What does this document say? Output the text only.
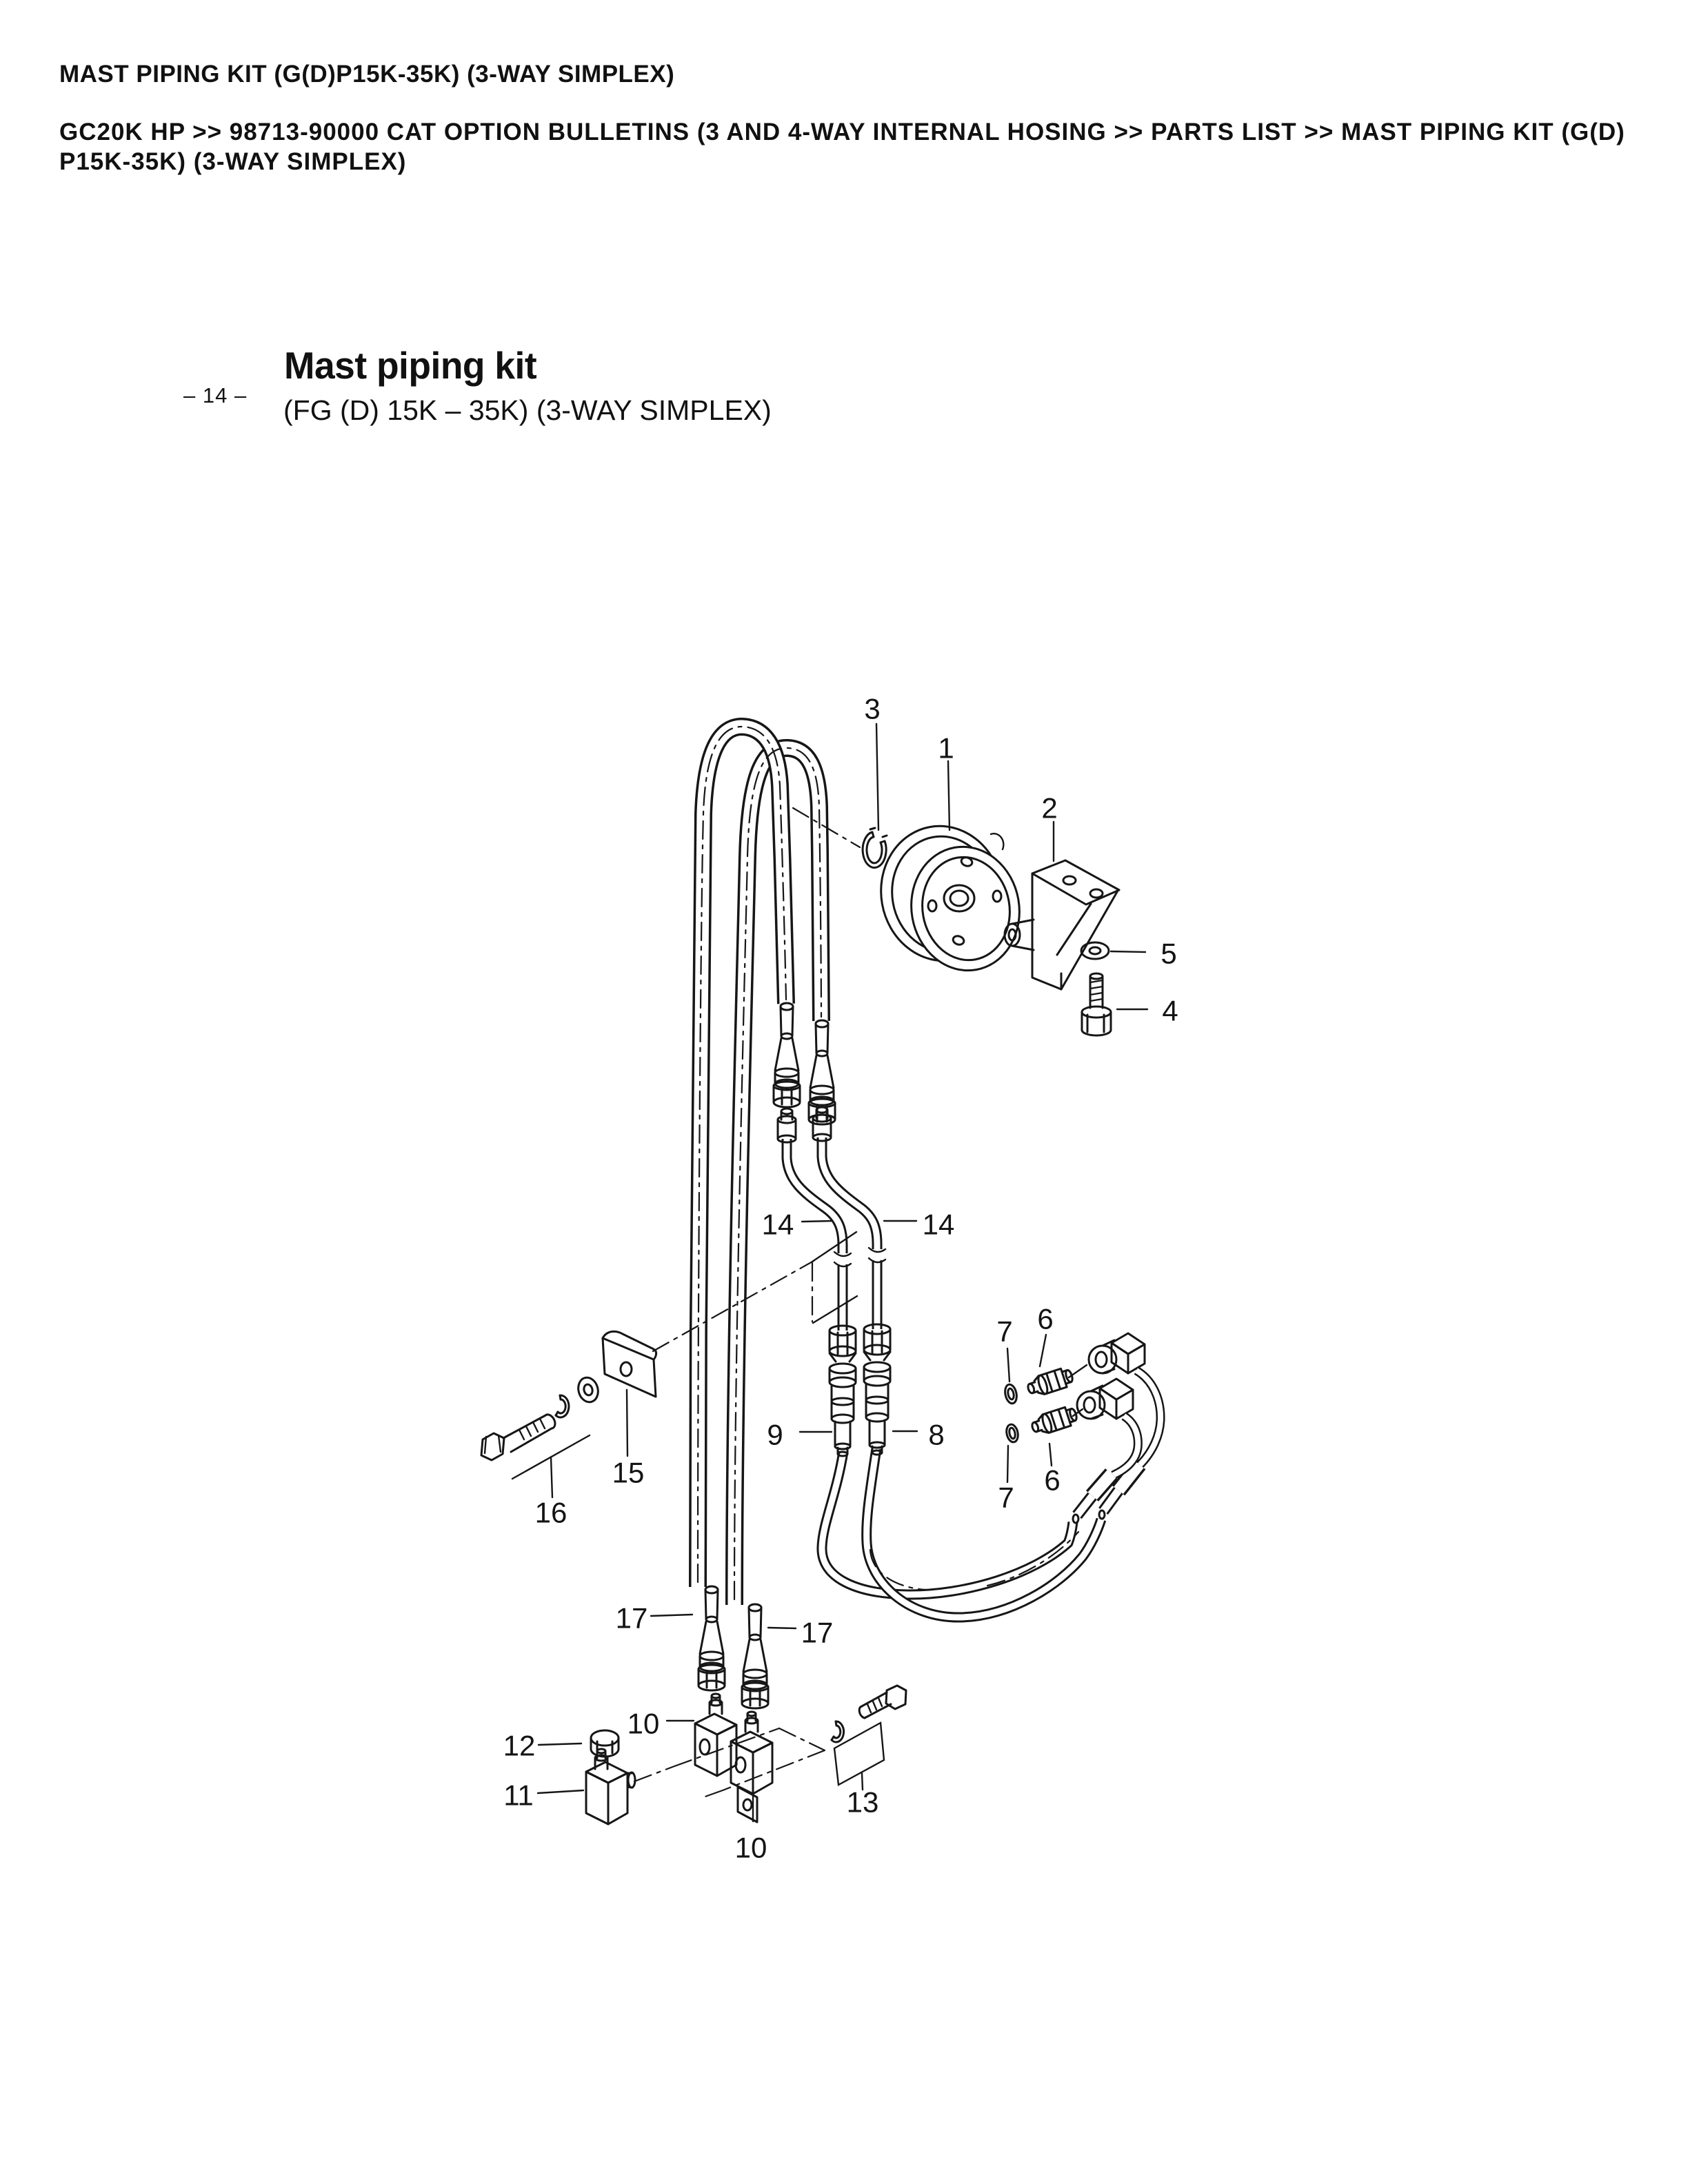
MAST PIPING KIT (G(D)P15K-35K) (3-WAY SIMPLEX)
GC20K HP >> 98713-90000 CAT OPTION BULLETINS (3 AND 4-WAY INTERNAL HOSING >> PARTS LIST >> MAST PIPING KIT (G(D)
P15K-35K) (3-WAY SIMPLEX)
– 14 –
Mast piping kit
(FG (D) 15K – 35K) (3-WAY SIMPLEX)
1
2
3
4
5
6
7
6
7
8
9
10
10
11
12
13
14	14
15
16
17	17
